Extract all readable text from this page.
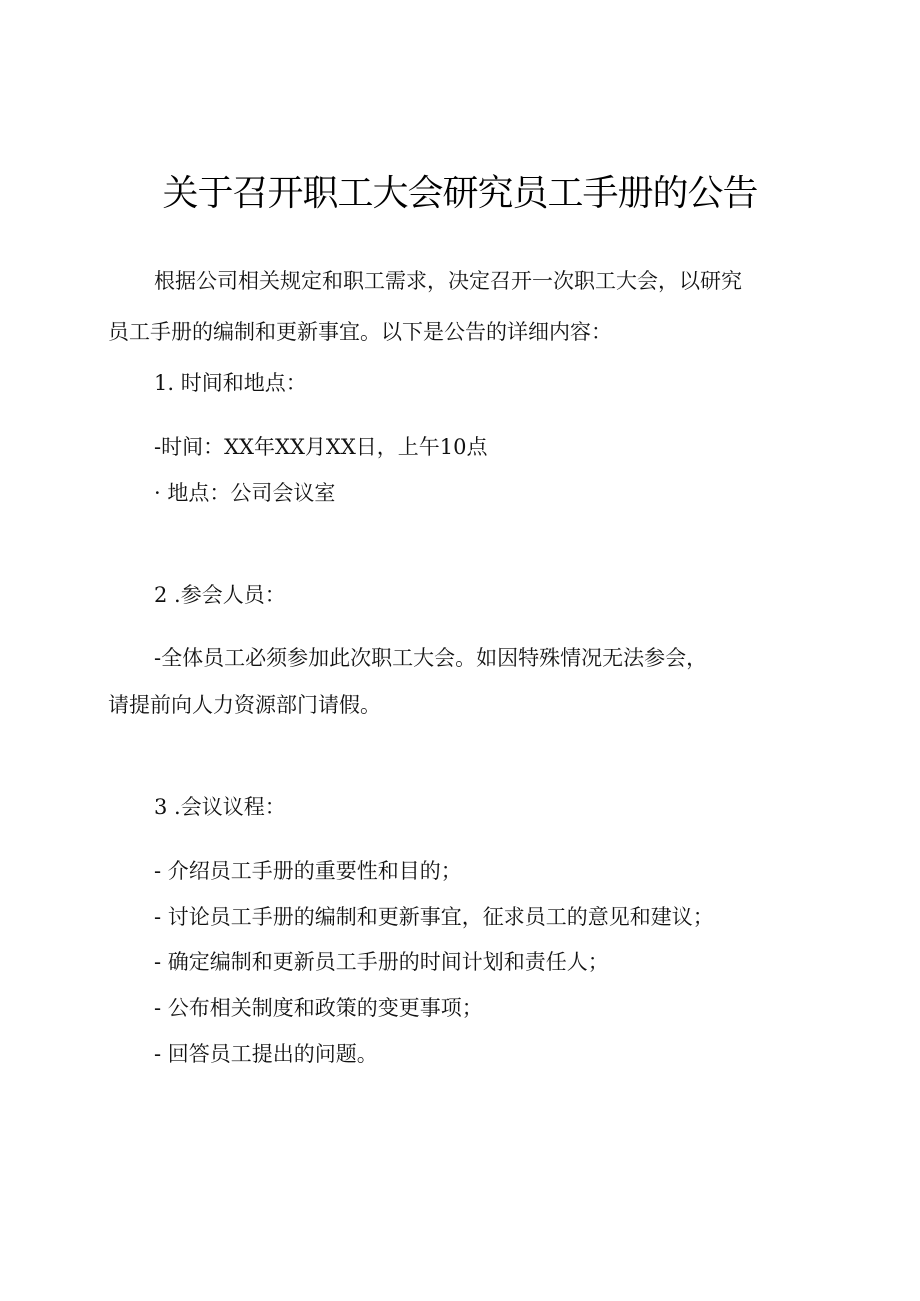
关于召开职工大会研究员工手册的公告
根据公司相关规定和职工需求，决定召开一次职工大会，以研究
员工手册的编制和更新事宜。以下是公告的详细内容：
1. 时间和地点：
-时间：XX年XX月XX日，上午10点
· 地点：公司会议室
2 .参会人员：
-全体员工必须参加此次职工大会。如因特殊情况无法参会，
请提前向人力资源部门请假。
3 .会议议程：
- 介绍员工手册的重要性和目的；
- 讨论员工手册的编制和更新事宜，征求员工的意见和建议；
- 确定编制和更新员工手册的时间计划和责任人；
- 公布相关制度和政策的变更事项；
- 回答员工提出的问题。
